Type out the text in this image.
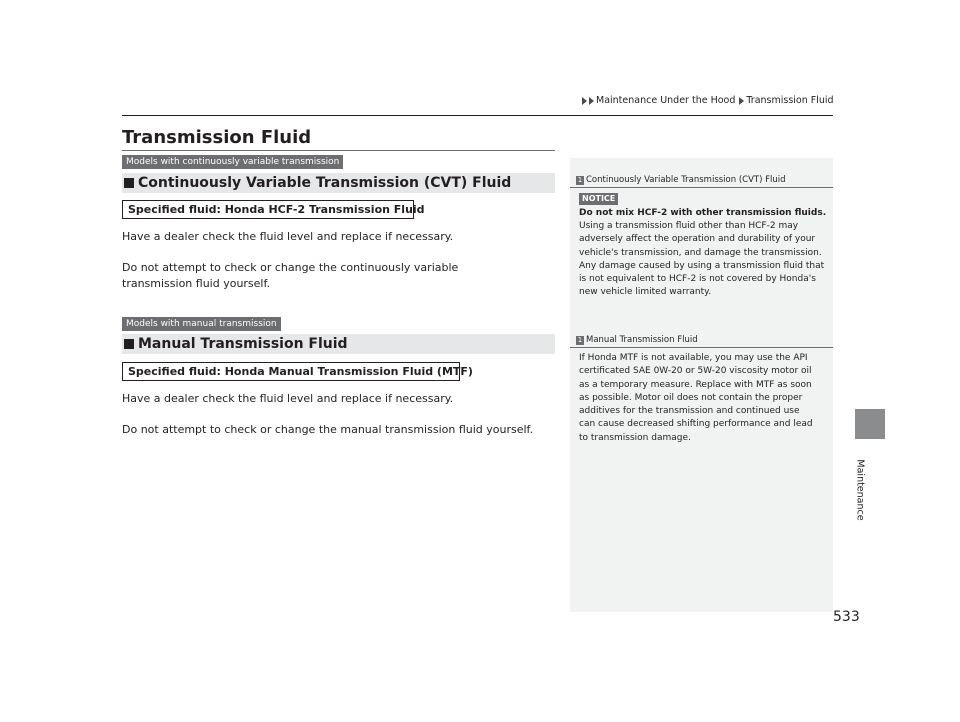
Maintenance Under the Hood Transmission Fluid
Transmission Fluid
Models with continuously variable transmission
Continuously Variable Transmission (CVT) Fluid
Specified fluid: Honda HCF-2 Transmission Fluid
Have a dealer check the fluid level and replace if necessary.
Do not attempt to check or change the continuously variable transmission fluid yourself.
Models with manual transmission
Manual Transmission Fluid
Specified fluid: Honda Manual Transmission Fluid (MTF)
Have a dealer check the fluid level and replace if necessary.
Do not attempt to check or change the manual transmission fluid yourself.
1 Continuously Variable Transmission (CVT) Fluid
NOTICE
Do not mix HCF-2 with other transmission fluids.
Using a transmission fluid other than HCF-2 may adversely affect the operation and durability of your vehicle's transmission, and damage the transmission. Any damage caused by using a transmission fluid that is not equivalent to HCF-2 is not covered by Honda's new vehicle limited warranty.
1 Manual Transmission Fluid
If Honda MTF is not available, you may use the API certificated SAE 0W-20 or 5W-20 viscosity motor oil as a temporary measure. Replace with MTF as soon as possible. Motor oil does not contain the proper additives for the transmission and continued use can cause decreased shifting performance and lead to transmission damage.
Maintenance
533
